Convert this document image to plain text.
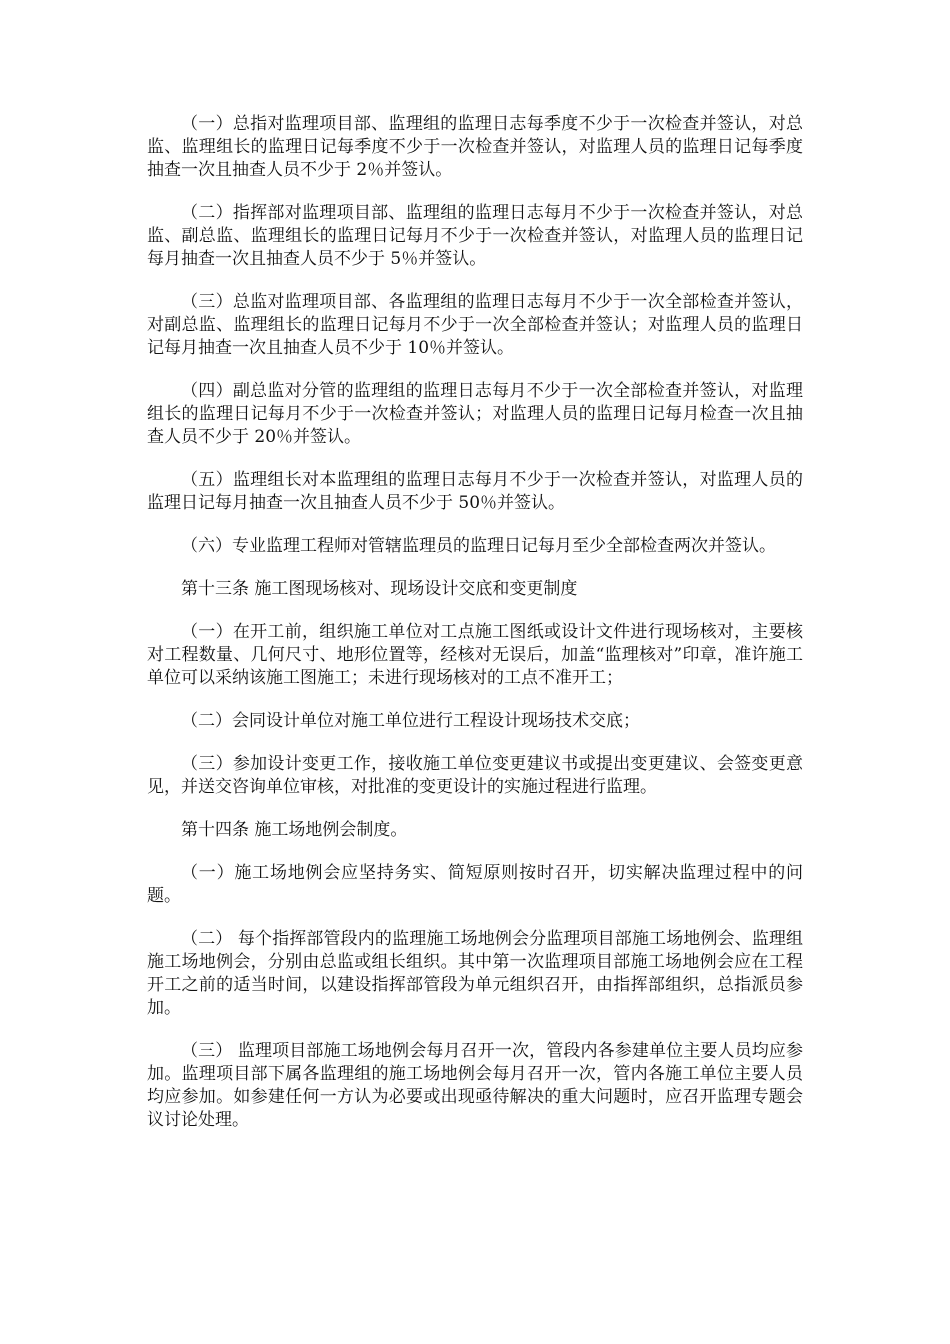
（一）总指对监理项目部、监理组的监理日志每季度不少于一次检查并签认，对总监、监理组长的监理日记每季度不少于一次检查并签认，对监理人员的监理日记每季度抽查一次且抽查人员不少于 2％并签认。

（二）指挥部对监理项目部、监理组的监理日志每月不少于一次检查并签认，对总监、副总监、监理组长的监理日记每月不少于一次检查并签认，对监理人员的监理日记每月抽查一次且抽查人员不少于 5％并签认。

（三）总监对监理项目部、各监理组的监理日志每月不少于一次全部检查并签认，对副总监、监理组长的监理日记每月不少于一次全部检查并签认；对监理人员的监理日记每月抽查一次且抽查人员不少于 10％并签认。

（四）副总监对分管的监理组的监理日志每月不少于一次全部检查并签认，对监理组长的监理日记每月不少于一次检查并签认；对监理人员的监理日记每月检查一次且抽查人员不少于 20％并签认。

（五）监理组长对本监理组的监理日志每月不少于一次检查并签认，对监理人员的监理日记每月抽查一次且抽查人员不少于 50％并签认。

（六）专业监理工程师对管辖监理员的监理日记每月至少全部检查两次并签认。

第十三条 施工图现场核对、现场设计交底和变更制度

（一）在开工前，组织施工单位对工点施工图纸或设计文件进行现场核对，主要核对工程数量、几何尺寸、地形位置等，经核对无误后，加盖“监理核对”印章，准许施工单位可以采纳该施工图施工；未进行现场核对的工点不准开工；

（二）会同设计单位对施工单位进行工程设计现场技术交底；

（三）参加设计变更工作，接收施工单位变更建议书或提出变更建议、会签变更意见，并送交咨询单位审核，对批准的变更设计的实施过程进行监理。

第十四条 施工场地例会制度。

（一）施工场地例会应坚持务实、简短原则按时召开，切实解决监理过程中的问题。

（二） 每个指挥部管段内的监理施工场地例会分监理项目部施工场地例会、监理组施工场地例会，分别由总监或组长组织。其中第一次监理项目部施工场地例会应在工程开工之前的适当时间，以建设指挥部管段为单元组织召开，由指挥部组织，总指派员参加。

（三） 监理项目部施工场地例会每月召开一次，管段内各参建单位主要人员均应参加。监理项目部下属各监理组的施工场地例会每月召开一次，管内各施工单位主要人员均应参加。如参建任何一方认为必要或出现亟待解决的重大问题时，应召开监理专题会议讨论处理。
